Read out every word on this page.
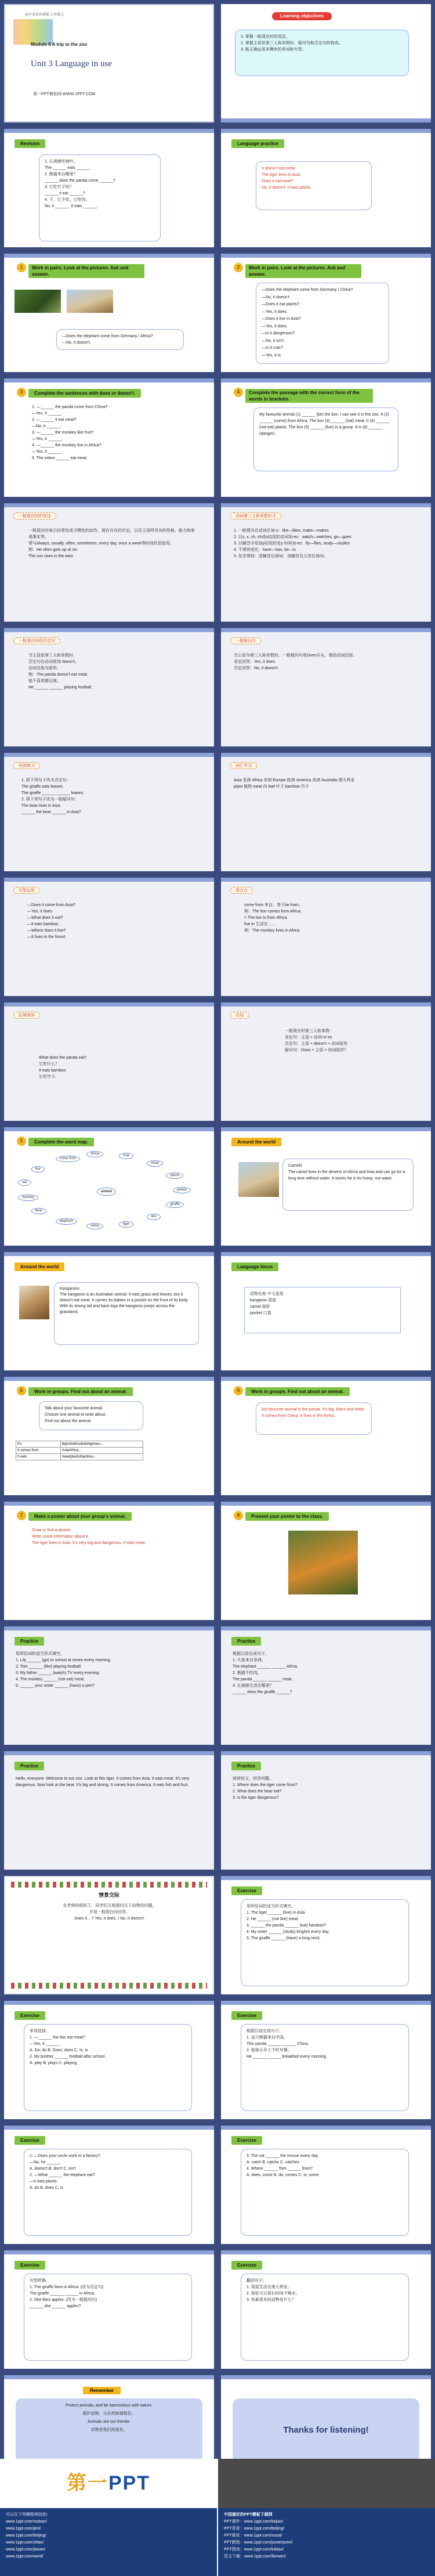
初中英语外研版 七年级上
Module 6 A trip to the zoo
Unit 3 Language in use
第一PPT模板网-WWW.1PPT.COM
Learning objectives
1. 掌握一般现在时的用法。
2. 掌握主语是第三人称单数时，疑问句和否定句的构成。
3. 能正确运用本模块的单词和句型。
Revision
1. 长颈鹿吃树叶。
The ______ eats ______.
2. 熊猫来自哪里？
______ does the panda come ______?
3. 它吃竹子吗？
______ it eat ______?
4. 不，它不吃。它吃肉。
No, it ______. It eats ______.
Language practice
It doesn't eat meat.
The tiger lives in Asia.
Does it eat meat?
No, it doesn't. It eats plants.
1	Work in pairs. Look at the pictures. Ask and answer.
—Does the elephant come from Germany / Africa?
—No, it doesn't.
2	Work in pairs. Look at the pictures. Ask and answer.
—Does the elephant come from Germany / China?
—No, it doesn't.
—Does it eat plants?
—Yes, it does.
—Does it live in Asia?
—Yes, it does.
—Is it dangerous?
—No, it isn't.
—Is it cute?
—Yes, it is.
3	Complete the sentences with does or doesn't.
1. —______ the panda come from China?
—Yes, it ______.
2. —______ it eat meat?
—No, it ______.
3. —______ the monkey like fruit?
—Yes, it ______.
4. —______ the monkey live in Africa?
—Yes, it ______.
5. The zebra ______ eat meat.
4	Complete the passage with the correct form of the words in brackets.
My favourite animal (1) ______ (be) the lion. I can see it in the zoo. It (2) ______ (come) from Africa. The lion (3) ______ (eat) meat. It (4) ______ (not eat) plants. The lion (5) ______ (live) in a group. It is (6) ______ (danger).
一般现在时的用法
一般现在时表示经常性或习惯性的动作，现在存在的状态，以及主语所具有的性格、能力和客观事实等。
常与always, usually, often, sometimes, every day, once a week等时间状语连用。
例：He often gets up at six.
The sun rises in the east.
动词第三人称单数形式
1. 一般情况在动词后加-s：like—likes, make—makes
2. 以s, x, ch, sh或o结尾的动词加-es：watch—watches, go—goes
3. 以辅音字母加y结尾的变y为i再加-es：fly—flies, study—studies
4. 不规则变化：have—has, be—is
5. 发音规则：清辅音后读/s/，浊辅音及元音后读/z/。
一般现在时的否定句
当主语是第三人称单数时，
否定句在动词前加 doesn't，
动词还原为原形。
例：The panda doesn't eat meat.
他不喜欢踢足球。
He ______ ______ playing football.
一般疑问句
当主语为第三人称单数时，一般疑问句用Does开头，谓语动词还原。
肯定回答：Yes, it does.
否定回答：No, it doesn't.
巩固练习
1. 将下列句子改为否定句：
The giraffe eats leaves.
The giraffe ______ ______ leaves.
2. 将下列句子改为一般疑问句：
The bear lives in Asia.
______ the bear ______ in Asia?
词汇学习
Asia 亚洲 Africa 非洲 Europe 欧洲 America 美洲 Australia 澳大利亚
plant 植物 meat 肉 leaf 叶子 bamboo 竹子
句型运用
—Does it come from Asia?
—Yes, it does.
—What does it eat?
—It eats bamboo.
—Where does it live?
—It lives in the forest.
语言点
come from 来自，等于be from。
例：The lion comes from Africa.
= The lion is from Africa.
live in 生活在……
例：The monkey lives in Africa.
拓展阅读
What does the panda eat?
它吃什么？
It eats bamboo.
它吃竹子。
总结
一般现在时第三人称单数：
肯定句：主语 + 动词-s/-es
否定句：主语 + doesn't + 动词原形
疑问句：Does + 主语 + 动词原形？
5	Complete the word map.
animal	panda
giraffe
lion
tiger
zebra
elephant
bear
monkey
eat
live
come from
Africa	Asia
meat
plants
Around the world
Camels
The camel lives in the deserts of Africa and Asia and can go for a long time without water. It stores fat in its hump, not water.
Around the world
Kangaroos
The kangaroo is an Australian animal. It eats grass and leaves, but it doesn't eat meat. It carries its babies in a pocket on the front of its body. With its strong tail and back legs the kangaroo jumps across the grassland.
Language focus
动物名称 中文意思
kangaroo 袋鼠
camel 骆驼
pocket 口袋
6	Work in groups. Find out about an animal.
Talk about your favourite animal.
Choose one animal to write about.
Find out about the animal.
It's	big/small/cute/dangerous...
It comes from	Asia/Africa...
It eats	meat/plants/bamboo...
6	Work in groups. Find out about an animal.
My favourite animal is the panda. It's big, black and white. It comes from China. It lives in the forest.
7	Make a poster about your group's animal.
Draw or find a picture.
Write some information about it.
The tiger lives in Asia. It's very big and dangerous. It eats meat.
8	Present your poster to the class.
Practice
用所给词的适当形式填空。
1. Lily ______ (go) to school at seven every morning.
2. Tom ______ (like) playing football.
3. My father ______ (watch) TV every evening.
4. The monkey ______ (not eat) meat.
5. ______ your sister ______ (have) a pen?
Practice
根据汉语完成句子。
1. 大象来自非洲。
The elephant ______ ______ Africa.
2. 熊猫不吃肉。
The panda ______ ______ meat.
3. 长颈鹿生活在哪里？
______ does the giraffe ______?
Practice
Hello, everyone. Welcome to our zoo. Look at this tiger. It comes from Asia. It eats meat. It's very dangerous. Now look at the bear. It's big and strong. It comes from America. It eats fish and fruit.
Practice
阅读短文，回答问题。
1. Where does the tiger come from?
2. What does the bear eat?
3. Is the tiger dangerous?
情景交际
在老师的组织下，同学们互相提问关于动物的问题，
并用一般现在时回答。
Does it ...? Yes, it does. / No, it doesn't.
Exercise
用所给词的适当形式填空。
1. The tiger ______ (live) in Asia.
2. He ______ (not like) meat.
3. ______ the panda ______ (eat) bamboo?
4. My sister ______ (study) English every day.
5. The giraffe ______ (have) a long neck.
Exercise
单项选择。
1. —______ the lion eat meat?
—Yes, it ______.
A. Do; do B. Does; does C. Is; is
2. My brother ______ football after school.
A. play B. plays C. playing
Exercise
根据汉语完成句子。
1. 这只熊猫来自中国。
This panda ______ ______ China.
2. 他每天早上不吃早餐。
He ______ ______ breakfast every morning.
Exercise
1. —Does your uncle work in a factory?
—No, he ______.
A. doesn't B. don't C. isn't
2. —What ______ the elephant eat?
—It eats plants.
A. do B. does C. is
Exercise
3. The cat ______ the mouse every day.
A. catch B. catchs C. catches
4. Where ______ Tom ______ from?
A. does; come B. do; comes C. is; come
Exercise
句型转换。
1. The giraffe lives in Africa. (改为否定句)
The giraffe ______ ______ in Africa.
2. She likes apples. (改为一般疑问句)
______ she ______ apples?
Exercise
翻译句子。
1. 袋鼠生活在澳大利亚。
2. 骆驼可以很长时间不喝水。
3. 你最喜欢的动物是什么？
Remember
Protect animals, and be harmonious with nature.
保护动物，与自然和谐相处。
Animals are our friends.
动物是我们的朋友。	Thanks for listening!
第一PPT
可以在下列模板网找到：
www.1ppt.com/moban/
www.1ppt.com/jieri/
www.1ppt.com/beijing/
www.1ppt.com/ziliao/
www.1ppt.com/jiaoan/
www.1ppt.com/word/
中国最好的PPT模板下载网
PPT课件：www.1ppt.com/kejian/
PPT背景：www.1ppt.com/beijing/
PPT素材：www.1ppt.com/sucai/
PPT教程：www.1ppt.com/powerpoint/
PPT图表：www.1ppt.com/tubiao/
范文下载：www.1ppt.com/fanwen/
